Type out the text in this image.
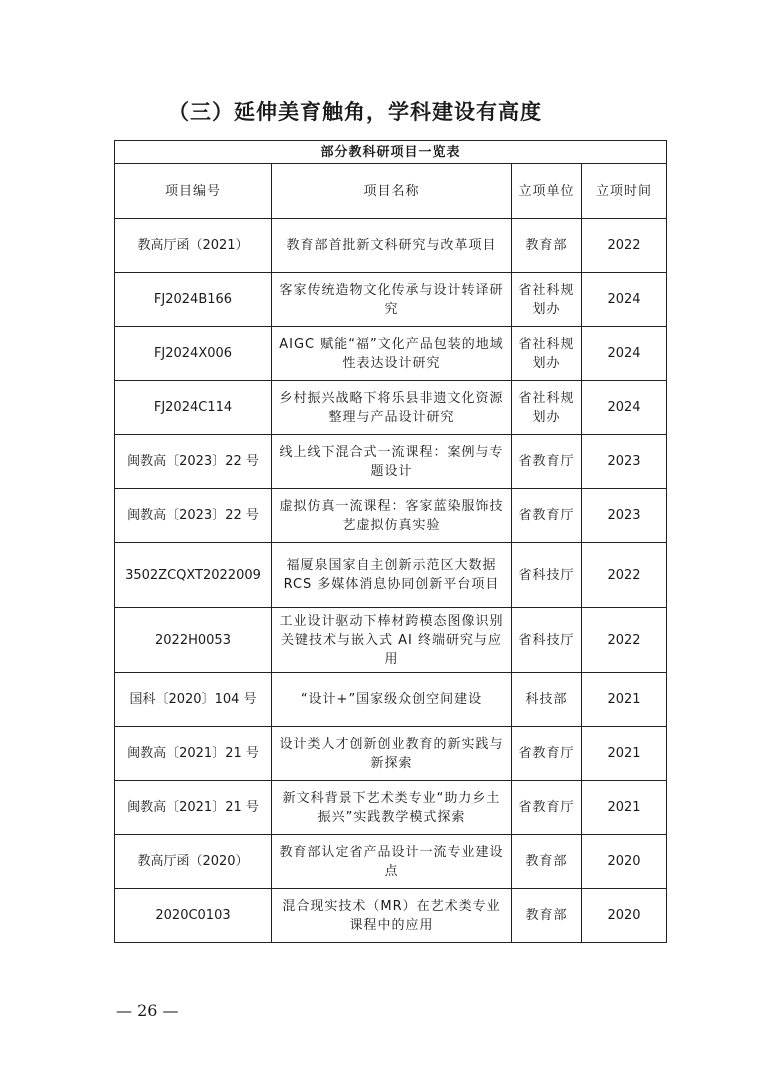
（三）延伸美育触角，学科建设有高度
部分教科研项目一览表			
项目编号	项目名称	立项单位	立项时间
教高厅函（2021）	教育部首批新文科研究与改革项目	教育部	2022
FJ2024B166	客家传统造物文化传承与设计转译研究	省社科规划办	2024
FJ2024X006	AIGC 赋能“福”文化产品包装的地域性表达设计研究	省社科规划办	2024
FJ2024C114	乡村振兴战略下将乐县非遗文化资源整理与产品设计研究	省社科规划办	2024
闽教高〔2023〕22 号	线上线下混合式一流课程：案例与专题设计	省教育厅	2023
闽教高〔2023〕22 号	虚拟仿真一流课程：客家蓝染服饰技艺虚拟仿真实验	省教育厅	2023
3502ZCQXT2022009	福厦泉国家自主创新示范区大数据 RCS 多媒体消息协同创新平台项目	省科技厅	2022
2022H0053	工业设计驱动下棒材跨模态图像识别关键技术与嵌入式 AI 终端研究与应用	省科技厅	2022
国科〔2020〕104 号	“设计+”国家级众创空间建设	科技部	2021
闽教高〔2021〕21 号	设计类人才创新创业教育的新实践与新探索	省教育厅	2021
闽教高〔2021〕21 号	新文科背景下艺术类专业“助力乡土振兴”实践教学模式探索	省教育厅	2021
教高厅函（2020）	教育部认定省产品设计一流专业建设点	教育部	2020
2020C0103	混合现实技术（MR）在艺术类专业课程中的应用	教育部	2020
— 26 —
